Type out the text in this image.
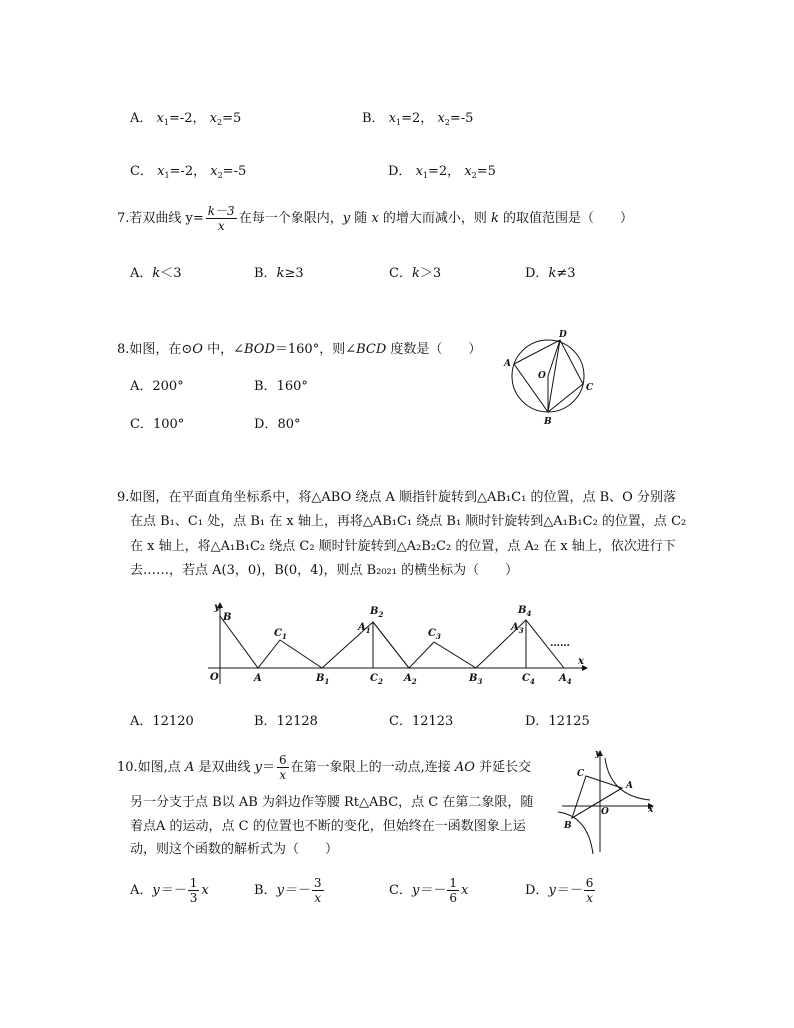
A． $x_1=-2$， $x_2=5$	B． $x_1=2$， $x_2=-5$
C． $x_1=-2$， $x_2=-5$	D． $x_1=2$， $x_2=5$
7.若双曲线 $y= \frac{k-3}{x}$ 在每一个象限内，y 随 x 的增大而减小，则 k 的取值范围是（　　）
A．k＜3	B．k≥3	C．k＞3	D．k≠3
8.如图，在⊙O 中，∠BOD＝160°，则∠BCD 度数是（　　）
A．200°	B．160°
C．100°	D．80°
A
D
C
B
O
9.如图，在平面直角坐标系中，将△ABO 绕点 A 顺指针旋转到△AB₁C₁ 的位置，点 B、O 分别落
在点 B₁、C₁ 处，点 B₁ 在 x 轴上，再将△AB₁C₁ 绕点 B₁ 顺时针旋转到△A₁B₁C₂ 的位置，点 C₂
在 x 轴上，将△A₁B₁C₂ 绕点 C₂ 顺时针旋转到△A₂B₂C₂ 的位置，点 A₂ 在 x 轴上，依次进行下
去……，若点 A(3，0)，B(0，4)，则点 B₂₀₂₁ 的横坐标为（　　）
y
x
O
B
A
$C_1$
$B_1$
$B_2$
$A_1$
$C_2$ $A_2$
$C_3$
$B_3$
$B_4$
$A_3$
$C_4$ $A_4$
……
A．12120	B．12128	C．12123	D．12125
10.如图,点 A 是双曲线 $y= \frac{6}{x}$ 在第一象限上的一动点,连接 AO 并延长交
另一分支于点 B以 AB 为斜边作等腰 Rt△ABC，点 C 在第二象限，随
着点A 的运动，点 C 的位置也不断的变化，但始终在一函数图象上运
动，则这个函数的解析式为（　　）
y
x
C
A
O
B
A．$y=- \frac{1}{3}$ x	B．$y=- \frac{3}{x}$	C．$y=- \frac{1}{6}$ x	D．$y=- \frac{6}{x}$
